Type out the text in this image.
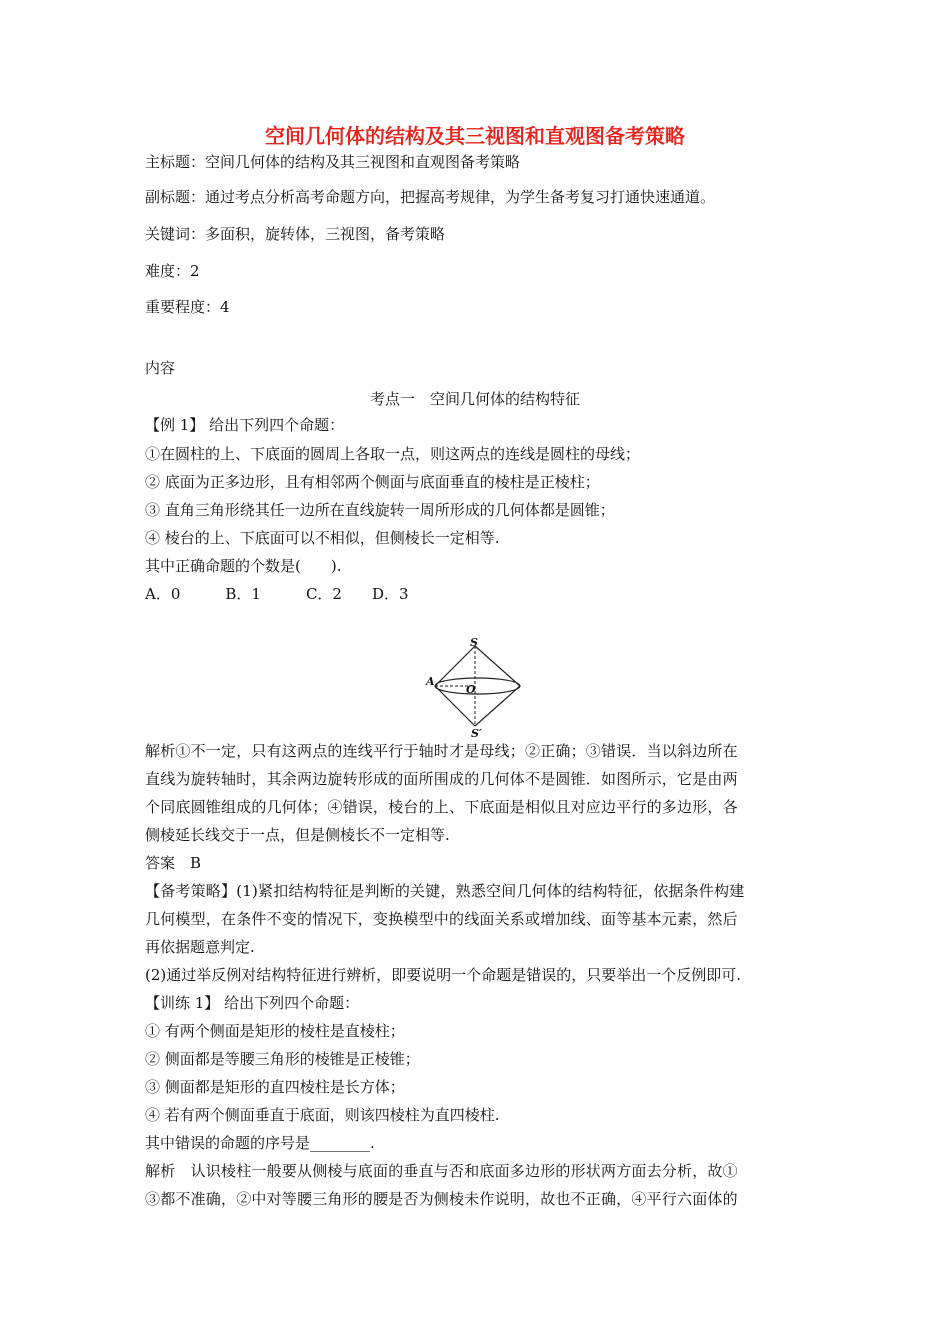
空间几何体的结构及其三视图和直观图备考策略
主标题：空间几何体的结构及其三视图和直观图备考策略
副标题：通过考点分析高考命题方向，把握高考规律，为学生备考复习打通快速通道。
关键词：多面积，旋转体，三视图，备考策略
难度：2
重要程度：4
内容
考点一　空间几何体的结构特征
【例 1】 给出下列四个命题：
①在圆柱的上、下底面的圆周上各取一点，则这两点的连线是圆柱的母线；
② 底面为正多边形，且有相邻两个侧面与底面垂直的棱柱是正棱柱；
③ 直角三角形绕其任一边所在直线旋转一周所形成的几何体都是圆锥；
④ 棱台的上、下底面可以不相似，但侧棱长一定相等.
其中正确命题的个数是(　　).
A．0　　　B．1　　　C．2　　D．3
S
A
O
S′
解析①不一定，只有这两点的连线平行于轴时才是母线；②正确；③错误．当以斜边所在
直线为旋转轴时，其余两边旋转形成的面所围成的几何体不是圆锥．如图所示，它是由两
个同底圆锥组成的几何体；④错误，棱台的上、下底面是相似且对应边平行的多边形，各
侧棱延长线交于一点，但是侧棱长不一定相等.
答案　B
【备考策略】(1)紧扣结构特征是判断的关键，熟悉空间几何体的结构特征，依据条件构建
几何模型，在条件不变的情况下，变换模型中的线面关系或增加线、面等基本元素，然后
再依据题意判定.
(2)通过举反例对结构特征进行辨析，即要说明一个命题是错误的，只要举出一个反例即可.
【训练 1】 给出下列四个命题：
① 有两个侧面是矩形的棱柱是直棱柱；
② 侧面都是等腰三角形的棱锥是正棱锥；
③ 侧面都是矩形的直四棱柱是长方体；
④ 若有两个侧面垂直于底面，则该四棱柱为直四棱柱.
其中错误的命题的序号是________.
解析　认识棱柱一般要从侧棱与底面的垂直与否和底面多边形的形状两方面去分析，故①
③都不准确，②中对等腰三角形的腰是否为侧棱未作说明，故也不正确，④平行六面体的
